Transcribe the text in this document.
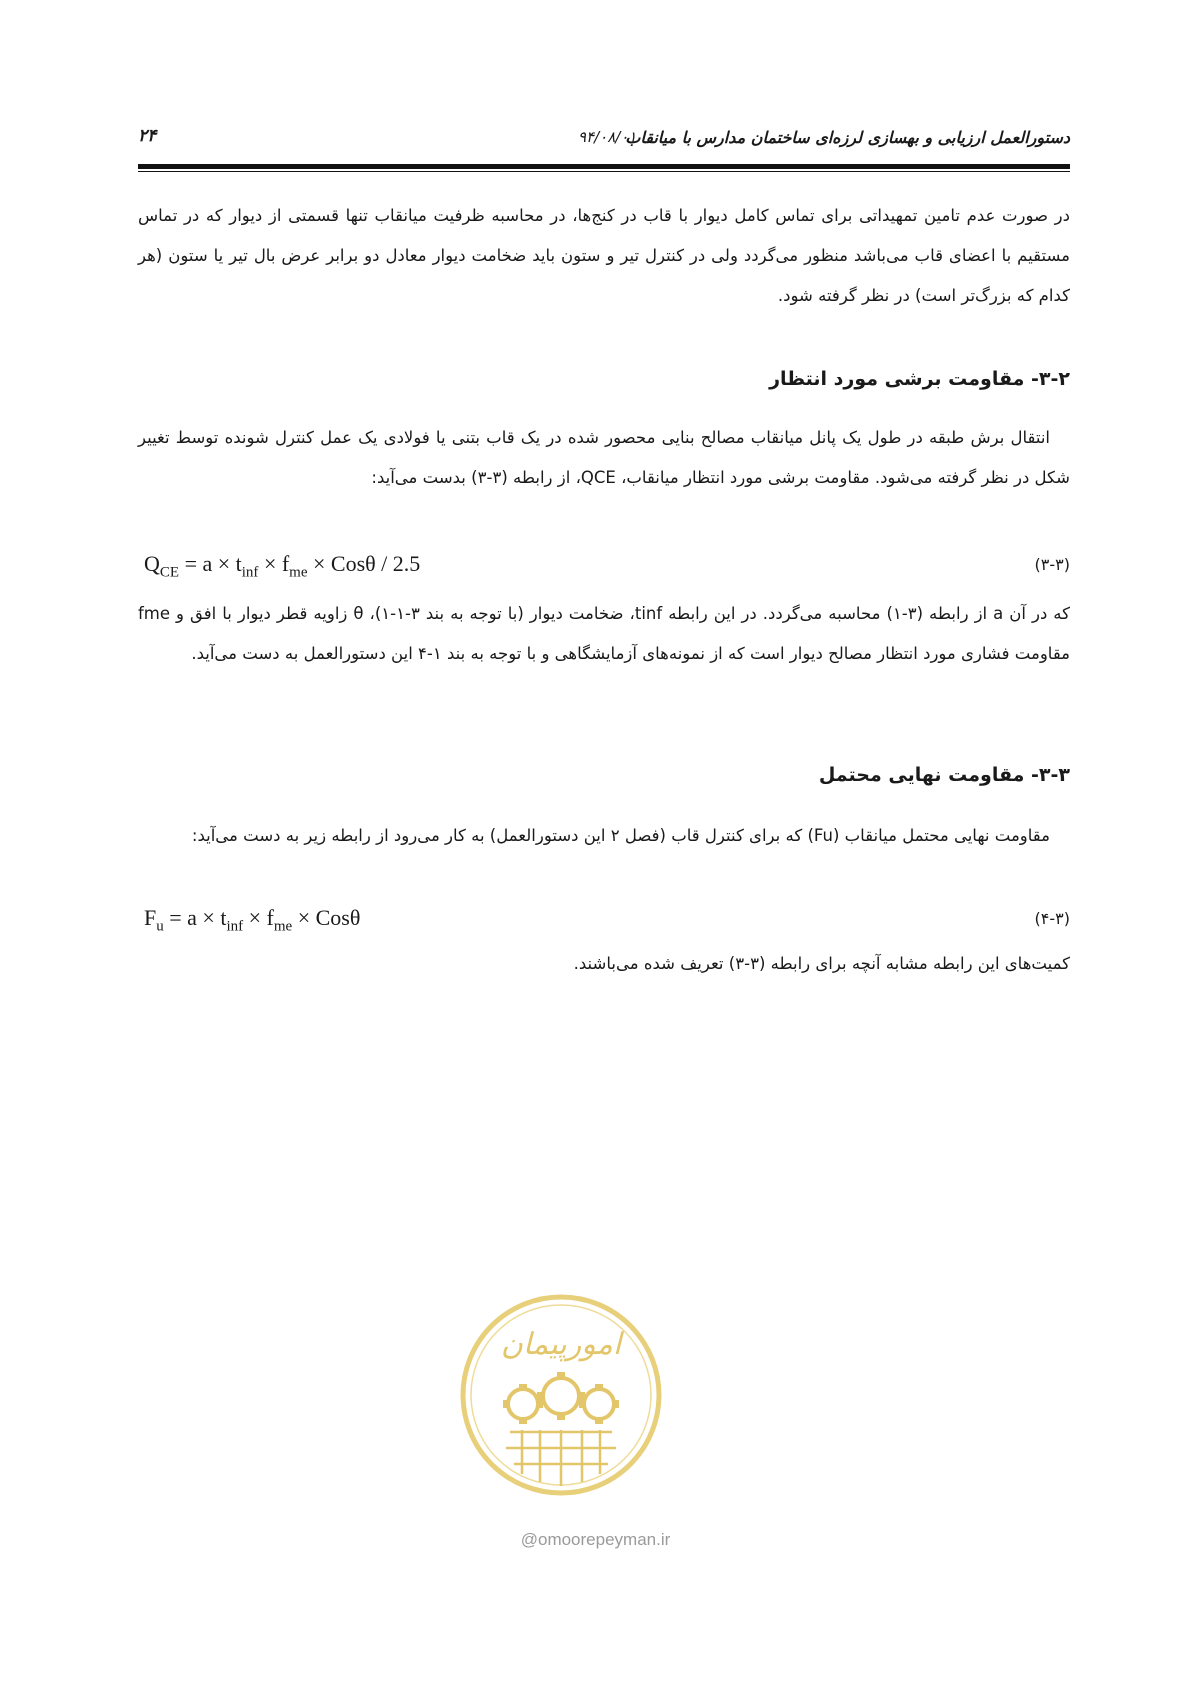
دستورالعمل ارزیابی و بهسازی لرزه‌ای ساختمان مدارس با میانقاب
۹۴/۰۸/۰۱
۲۴

در صورت عدم تامین تمهیداتی برای تماس کامل دیوار با قاب در کنج‌ها، در محاسبه ظرفیت میانقاب تنها قسمتی از دیوار که در تماس مستقیم با اعضای قاب می‌باشد منظور می‌گردد ولی در کنترل تیر و ستون باید ضخامت دیوار معادل دو برابر عرض بال تیر یا ستون (هر کدام که بزرگ‌تر است) در نظر گرفته شود.

۳-۲- مقاومت برشی مورد انتظار

انتقال برش طبقه در طول یک پانل میانقاب مصالح بنایی محصور شده در یک قاب بتنی یا فولادی یک عمل کنترل شونده توسط تغییر شکل در نظر گرفته می‌شود. مقاومت برشی مورد انتظار میانقاب، QCE، از رابطه (۳-۳) بدست می‌آید:

$Q_{CE} = a \times t_{inf} \times f_{me} \times Cos\theta / 2.5$	(۳-۳)

که در آن a از رابطه (۳-۱) محاسبه می‌گردد. در این رابطه tinf، ضخامت دیوار (با توجه به بند ۳-۱-۱)، θ زاویه قطر دیوار با افق و fme مقاومت فشاری مورد انتظار مصالح دیوار است که از نمونه‌های آزمایشگاهی و با توجه به بند ۱-۴ این دستورالعمل به دست می‌آید.

۳-۳- مقاومت نهایی محتمل

مقاومت نهایی محتمل میانقاب (Fu) که برای کنترل قاب (فصل ۲ این دستورالعمل) به کار می‌رود از رابطه زیر به دست می‌آید:

$F_u = a \times t_{inf} \times f_{me} \times Cos\theta$	(۴-۳)

کمیت‌های این رابطه مشابه آنچه برای رابطه (۳-۳) تعریف شده می‌باشند.

امورپیمان
@omoorepeyman.ir
